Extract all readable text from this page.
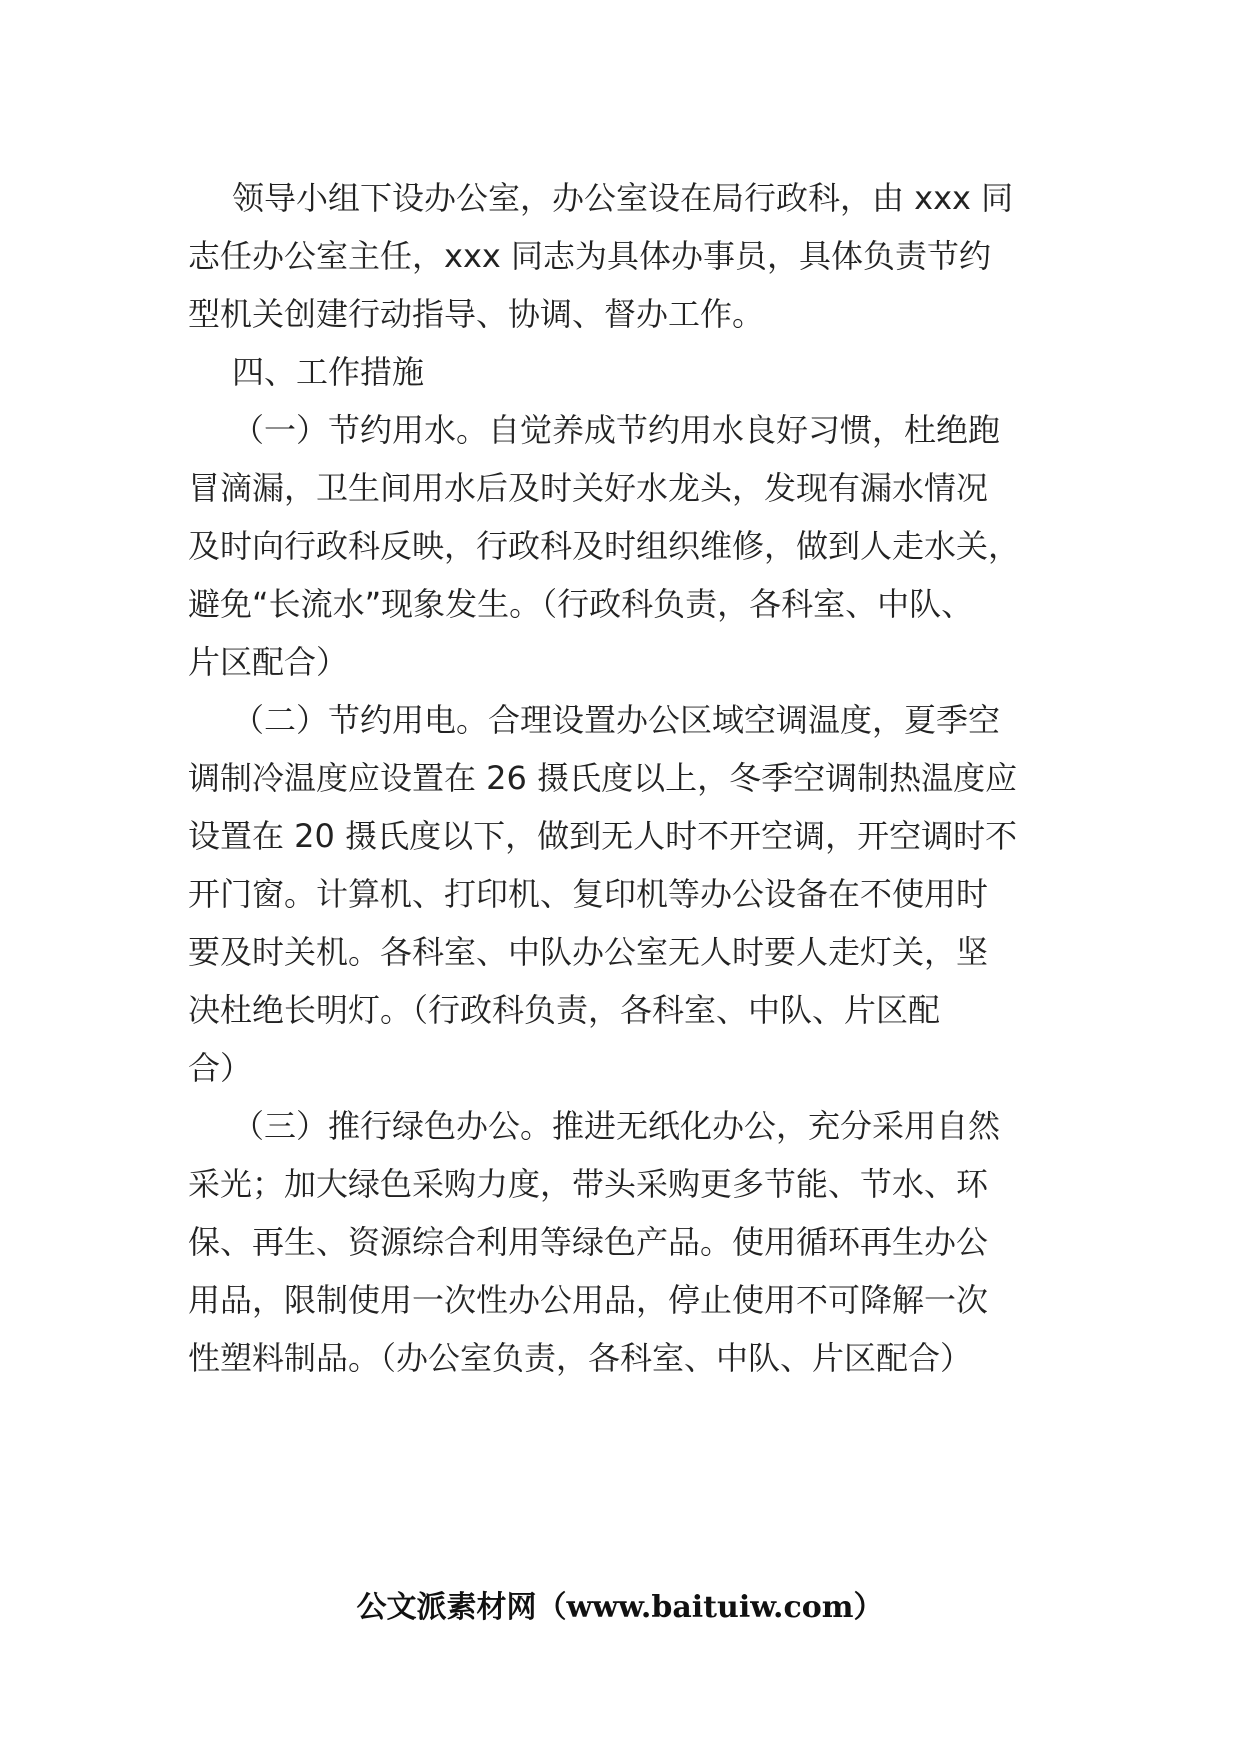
领导小组下设办公室，办公室设在局行政科，由 xxx 同
志任办公室主任，xxx 同志为具体办事员，具体负责节约
型机关创建行动指导、协调、督办工作。
四、工作措施
（一）节约用水。自觉养成节约用水良好习惯，杜绝跑
冒滴漏，卫生间用水后及时关好水龙头，发现有漏水情况
及时向行政科反映，行政科及时组织维修，做到人走水关，
避免“长流水”现象发生。（行政科负责，各科室、中队、
片区配合）
（二）节约用电。合理设置办公区域空调温度，夏季空
调制冷温度应设置在 26 摄氏度以上，冬季空调制热温度应
设置在 20 摄氏度以下，做到无人时不开空调，开空调时不
开门窗。计算机、打印机、复印机等办公设备在不使用时
要及时关机。各科室、中队办公室无人时要人走灯关，坚
决杜绝长明灯。（行政科负责，各科室、中队、片区配
合）
（三）推行绿色办公。推进无纸化办公，充分采用自然
采光；加大绿色采购力度，带头采购更多节能、节水、环
保、再生、资源综合利用等绿色产品。使用循环再生办公
用品，限制使用一次性办公用品，停止使用不可降解一次
性塑料制品。（办公室负责，各科室、中队、片区配合）
公文派素材网（www.baituiw.com）
